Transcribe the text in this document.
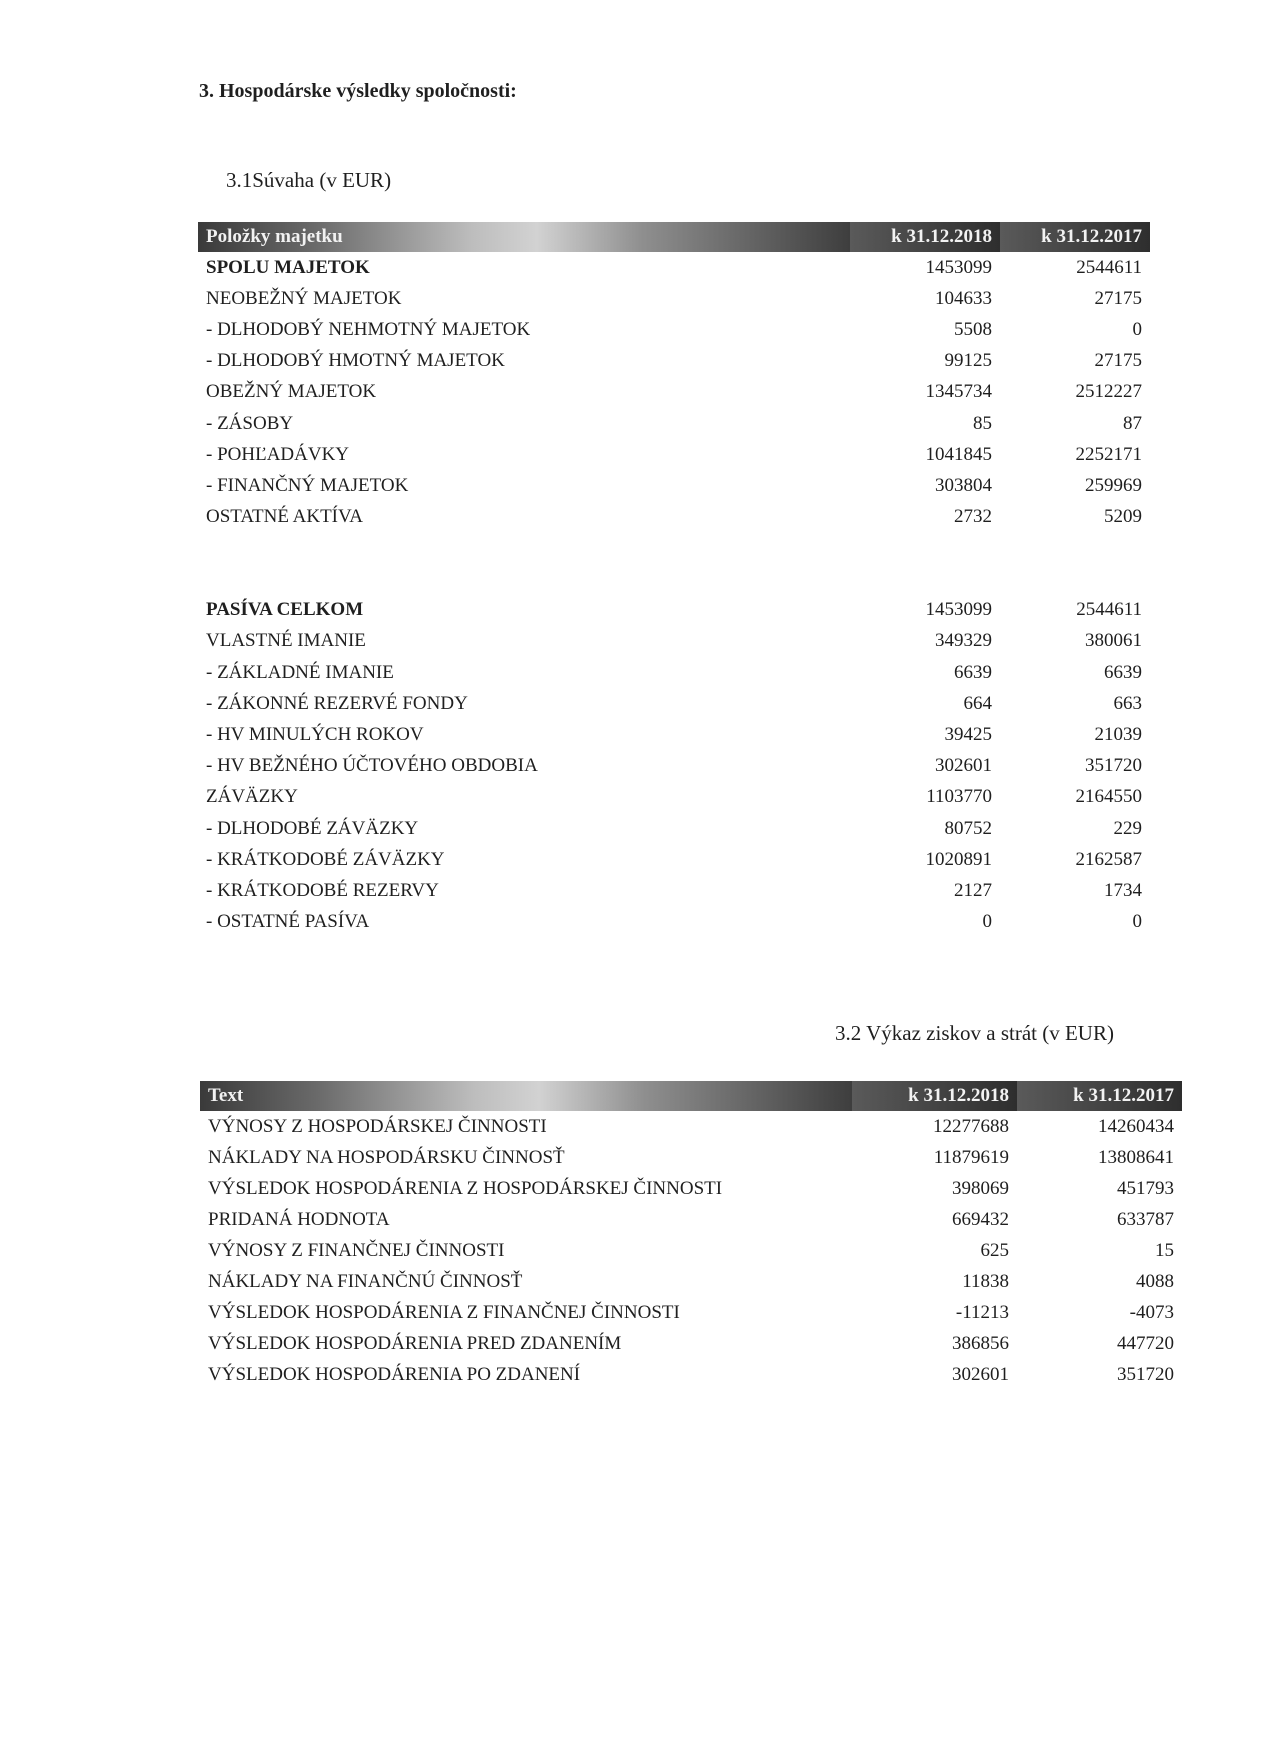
3. Hospodárske výsledky spoločnosti:
3.1Súvaha (v EUR)
Položky majetku	k 31.12.2018	k 31.12.2017
SPOLU MAJETOK	1453099	2544611
NEOBEŽNÝ MAJETOK	104633	27175
- DLHODOBÝ NEHMOTNÝ MAJETOK	5508	0
- DLHODOBÝ HMOTNÝ MAJETOK	99125	27175
OBEŽNÝ MAJETOK	1345734	2512227
- ZÁSOBY	85	87
- POHĽADÁVKY	1041845	2252171
- FINANČNÝ MAJETOK	303804	259969
OSTATNÉ AKTÍVA	2732	5209

PASÍVA CELKOM	1453099	2544611
VLASTNÉ IMANIE	349329	380061
- ZÁKLADNÉ IMANIE	6639	6639
- ZÁKONNÉ REZERVÉ FONDY	664	663
- HV MINULÝCH ROKOV	39425	21039
- HV BEŽNÉHO ÚČTOVÉHO OBDOBIA	302601	351720
ZÁVÄZKY	1103770	2164550
- DLHODOBÉ ZÁVÄZKY	80752	229
- KRÁTKODOBÉ ZÁVÄZKY	1020891	2162587
- KRÁTKODOBÉ REZERVY	2127	1734
- OSTATNÉ PASÍVA	0	0
3.2 Výkaz ziskov a strát (v EUR)
Text	k 31.12.2018	k 31.12.2017
VÝNOSY Z HOSPODÁRSKEJ ČINNOSTI	12277688	14260434
NÁKLADY NA HOSPODÁRSKU ČINNOSŤ	11879619	13808641
VÝSLEDOK HOSPODÁRENIA Z HOSPODÁRSKEJ ČINNOSTI	398069	451793
PRIDANÁ HODNOTA	669432	633787
VÝNOSY Z FINANČNEJ ČINNOSTI	625	15
NÁKLADY NA FINANČNÚ ČINNOSŤ	11838	4088
VÝSLEDOK HOSPODÁRENIA Z FINANČNEJ ČINNOSTI	-11213	-4073
VÝSLEDOK HOSPODÁRENIA PRED ZDANENÍM	386856	447720
VÝSLEDOK HOSPODÁRENIA PO ZDANENÍ	302601	351720
